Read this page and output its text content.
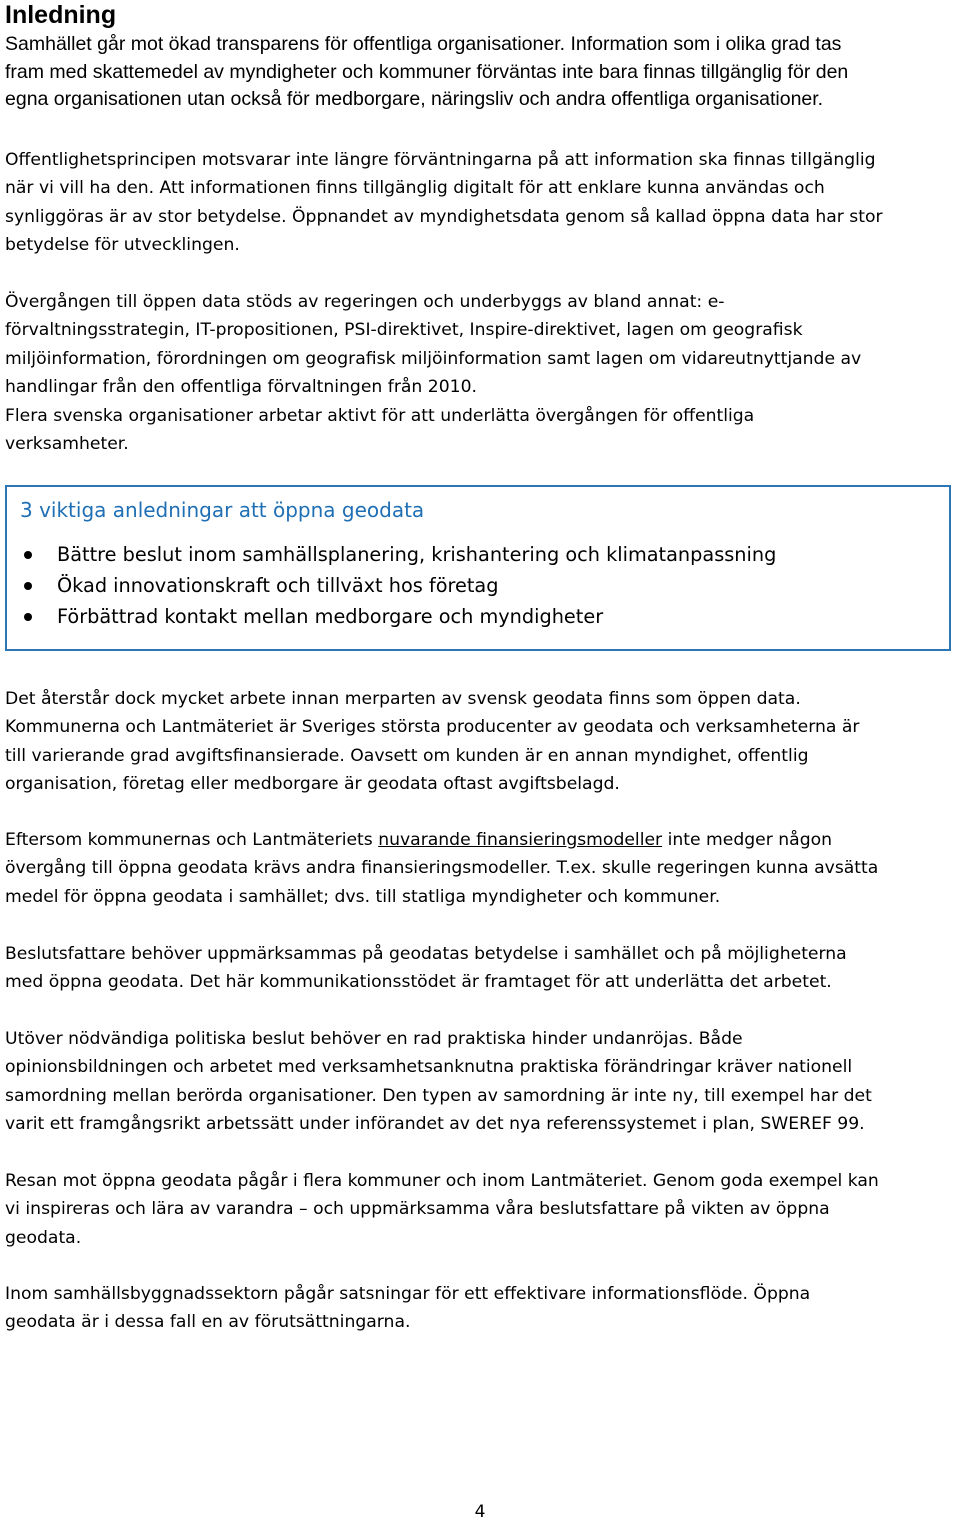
Inledning

Samhället går mot ökad transparens för offentliga organisationer. Information som i olika grad tas
fram med skattemedel av myndigheter och kommuner förväntas inte bara finnas tillgänglig för den
egna organisationen utan också för medborgare, näringsliv och andra offentliga organisationer.

Offentlighetsprincipen motsvarar inte längre förväntningarna på att information ska finnas tillgänglig
när vi vill ha den. Att informationen finns tillgänglig digitalt för att enklare kunna användas och
synliggöras är av stor betydelse. Öppnandet av myndighetsdata genom så kallad öppna data har stor
betydelse för utvecklingen.

Övergången till öppen data stöds av regeringen och underbyggs av bland annat: e-
förvaltningsstrategin, IT-propositionen, PSI-direktivet, Inspire-direktivet, lagen om geografisk
miljöinformation, förordningen om geografisk miljöinformation samt lagen om vidareutnyttjande av
handlingar från den offentliga förvaltningen från 2010.
Flera svenska organisationer arbetar aktivt för att underlätta övergången för offentliga
verksamheter.

3 viktiga anledningar att öppna geodata

Bättre beslut inom samhällsplanering, krishantering och klimatanpassning
Ökad innovationskraft och tillväxt hos företag
Förbättrad kontakt mellan medborgare och myndigheter

Det återstår dock mycket arbete innan merparten av svensk geodata finns som öppen data.
Kommunerna och Lantmäteriet är Sveriges största producenter av geodata och verksamheterna är
till varierande grad avgiftsfinansierade. Oavsett om kunden är en annan myndighet, offentlig
organisation, företag eller medborgare är geodata oftast avgiftsbelagd.

Eftersom kommunernas och Lantmäteriets nuvarande finansieringsmodeller inte medger någon
övergång till öppna geodata krävs andra finansieringsmodeller. T.ex. skulle regeringen kunna avsätta
medel för öppna geodata i samhället; dvs. till statliga myndigheter och kommuner.

Beslutsfattare behöver uppmärksammas på geodatas betydelse i samhället och på möjligheterna
med öppna geodata. Det här kommunikationsstödet är framtaget för att underlätta det arbetet.

Utöver nödvändiga politiska beslut behöver en rad praktiska hinder undanröjas. Både
opinionsbildningen och arbetet med verksamhetsanknutna praktiska förändringar kräver nationell
samordning mellan berörda organisationer. Den typen av samordning är inte ny, till exempel har det
varit ett framgångsrikt arbetssätt under införandet av det nya referenssystemet i plan, SWEREF 99.

Resan mot öppna geodata pågår i flera kommuner och inom Lantmäteriet. Genom goda exempel kan
vi inspireras och lära av varandra – och uppmärksamma våra beslutsfattare på vikten av öppna
geodata.

Inom samhällsbyggnadssektorn pågår satsningar för ett effektivare informationsflöde. Öppna
geodata är i dessa fall en av förutsättningarna.

4
